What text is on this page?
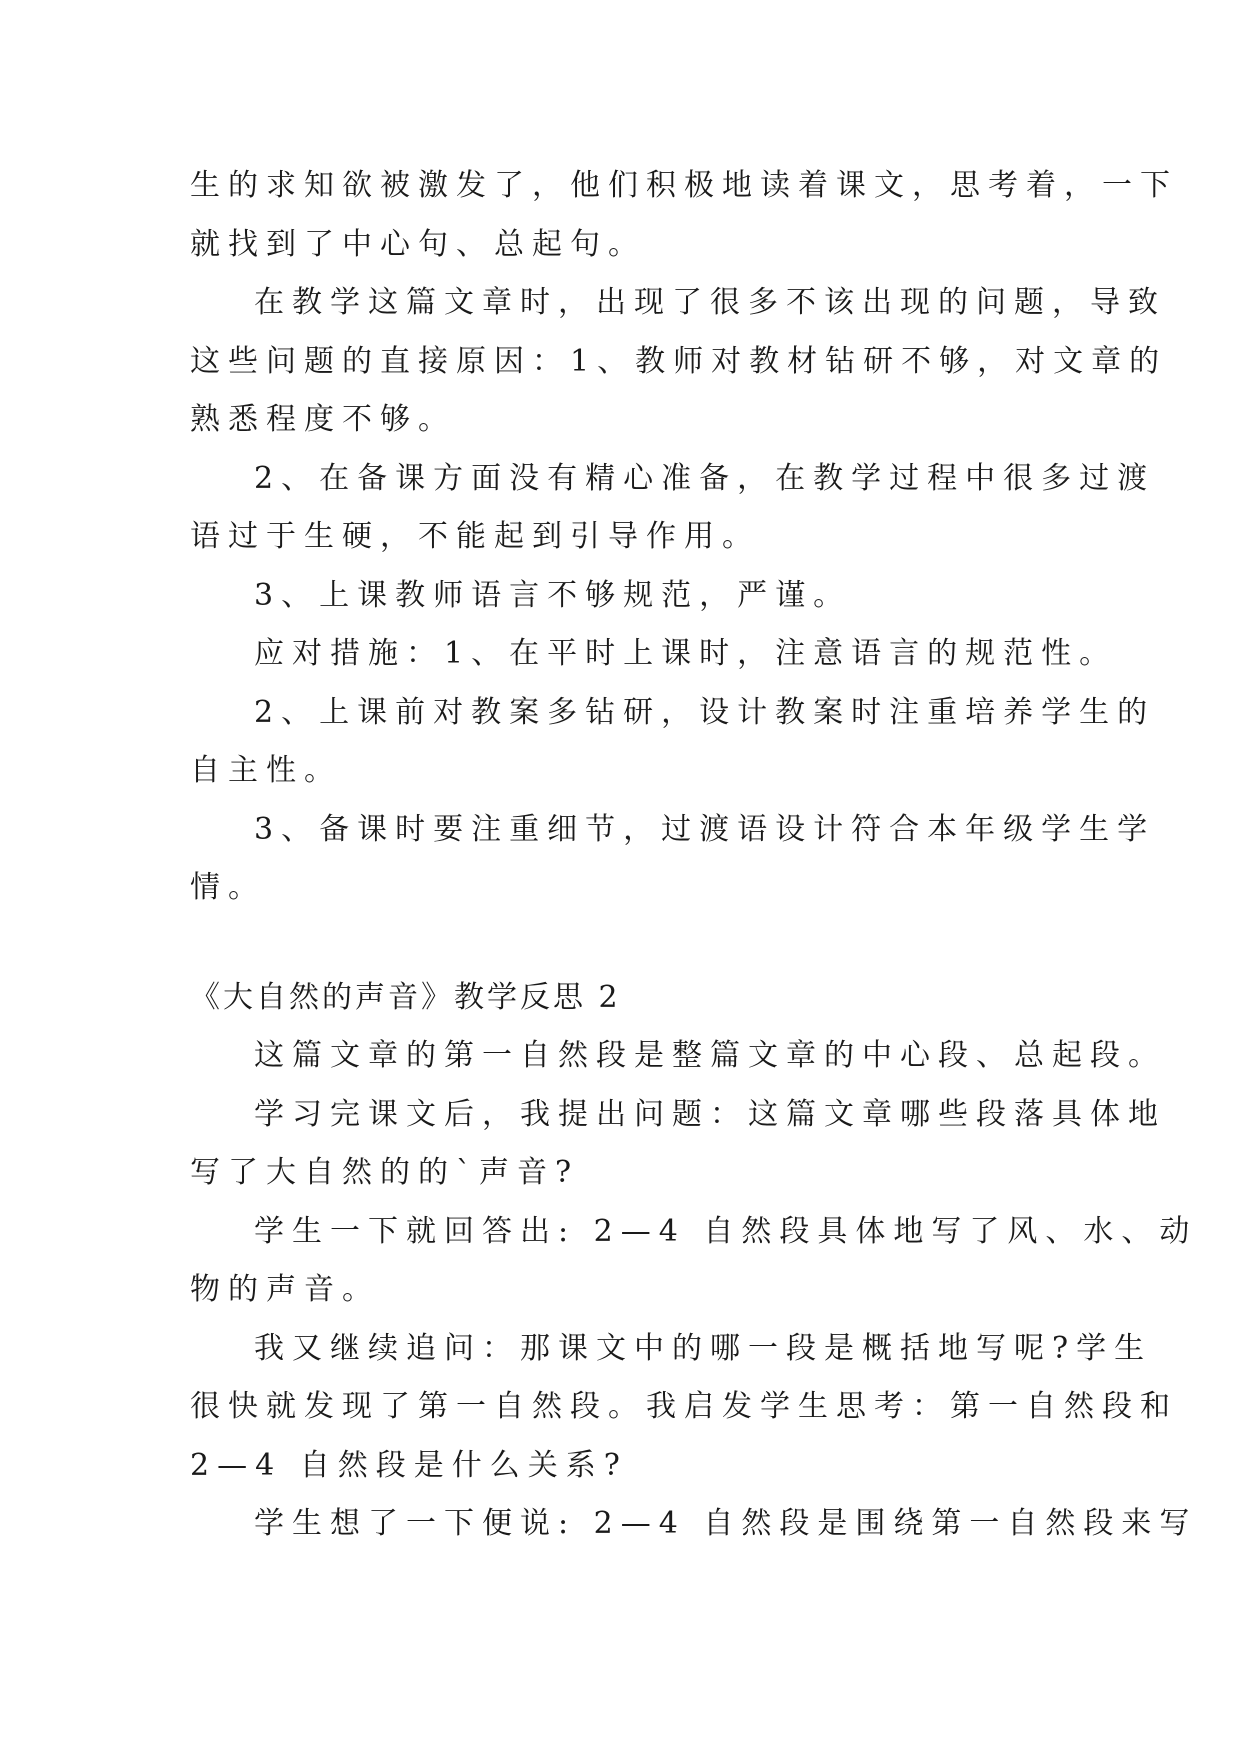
生的求知欲被激发了，他们积极地读着课文，思考着，一下
就找到了中心句、总起句。
在教学这篇文章时，出现了很多不该出现的问题，导致
这些问题的直接原因：1、教师对教材钻研不够，对文章的
熟悉程度不够。
2、在备课方面没有精心准备，在教学过程中很多过渡
语过于生硬，不能起到引导作用。
3、上课教师语言不够规范，严谨。
应对措施：1、在平时上课时，注意语言的规范性。
2、上课前对教案多钻研，设计教案时注重培养学生的
自主性。
3、备课时要注重细节，过渡语设计符合本年级学生学
情。
《大自然的声音》教学反思 2
这篇文章的第一自然段是整篇文章的中心段、总起段。
学习完课文后，我提出问题：这篇文章哪些段落具体地
写了大自然的的`声音?
学生一下就回答出: 2—4 自然段具体地写了风、水、动
物的声音。
我又继续追问：那课文中的哪一段是概括地写呢?学生
很快就发现了第一自然段。我启发学生思考：第一自然段和
2—4 自然段是什么关系?
学生想了一下便说: 2—4 自然段是围绕第一自然段来写
